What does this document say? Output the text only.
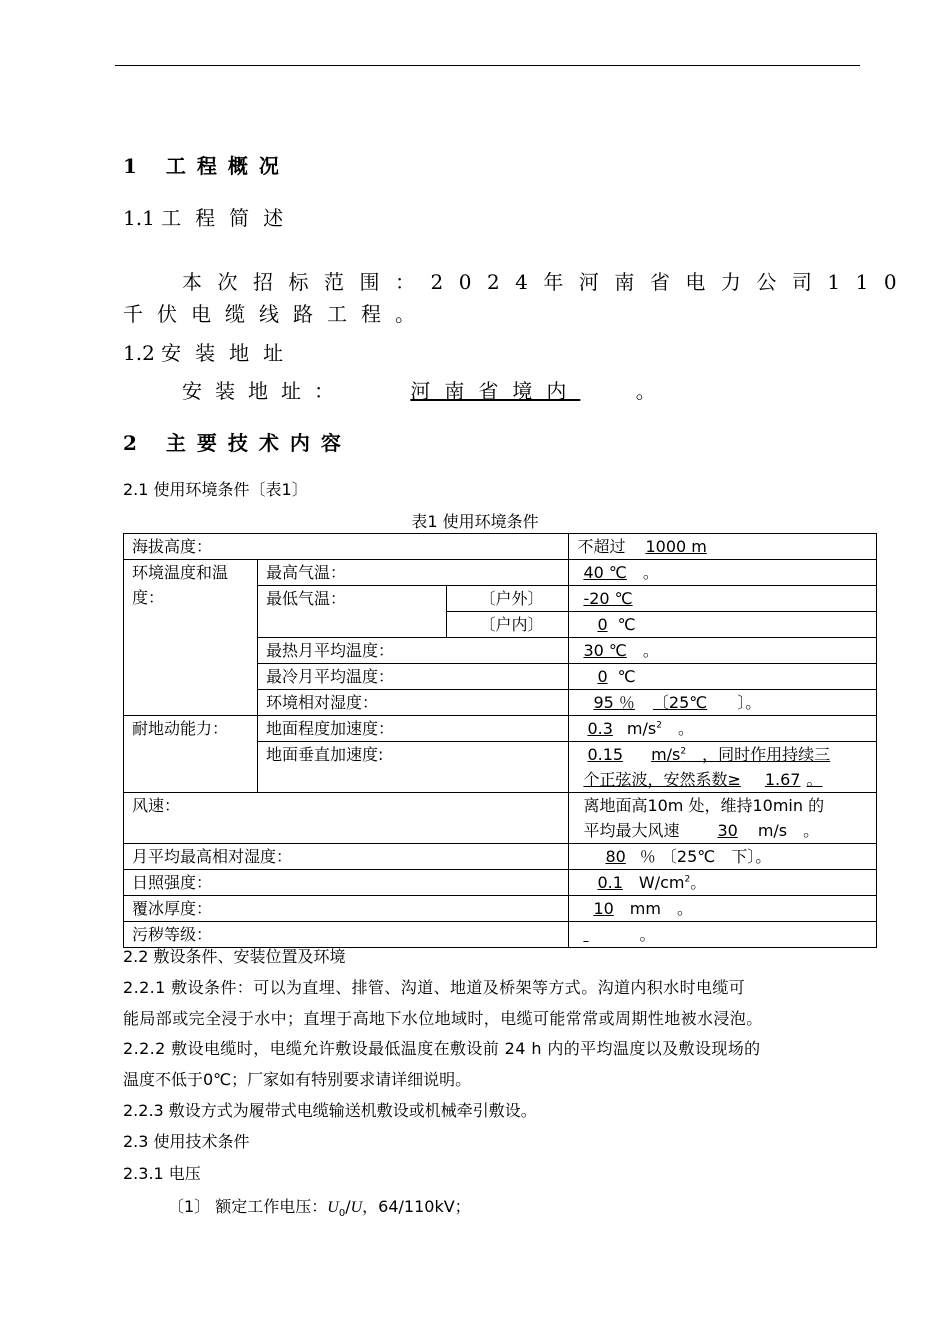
1 工程概况
1.1 工程简述
本次招标范围：2024年河南省电力公司110
千伏电缆线路工程。
1.2 安装地址
安装地址：	河南省境内	。
2 主要技术内容
2.1 使用环境条件〔表1〕
表1 使用环境条件
海拔高度：			不超过 1000 m

环境温度和温度：	最高气温：		40 ℃　。
	最低气温：	〔户外〕	-20 ℃
		〔户内〕	0 ℃
	最热月平均温度：		30 ℃　。
	最冷月平均温度：		0 ℃
	环境相对湿度：		95 ％ 〔25℃ 〕。

耐地动能力：	地面程度加速度：		0.3 $m/s^2$　。
	地面垂直加速度:		0.15 $m/s^2$　 ，同时作用持续三
个正弦波，安然系数≥ 1.67 。

风速：			离地面高10m 处，维持10min 的
平均最大风速 30 m/s　。

月平均最高相对湿度：			80 ％ 〔25℃　下〕。
日照强度：			0.1 $W/cm^2$。
覆冰厚度：			10 mm　。
污秽等级：			。
2.2 敷设条件、安装位置及环境
2.2.1 敷设条件：可以为直埋、排管、沟道、地道及桥架等方式。沟道内积水时电缆可
能局部或完全浸于水中；直埋于高地下水位地域时，电缆可能常常或周期性地被水浸泡。
2.2.2 敷设电缆时，电缆允许敷设最低温度在敷设前 24 h 内的平均温度以及敷设现场的
温度不低于0℃；厂家如有特别要求请详细说明。
2.2.3 敷设方式为履带式电缆输送机敷设或机械牵引敷设。
2.3 使用技术条件
2.3.1 电压
〔1〕 额定工作电压：$U_0/U$，64/110kV；
